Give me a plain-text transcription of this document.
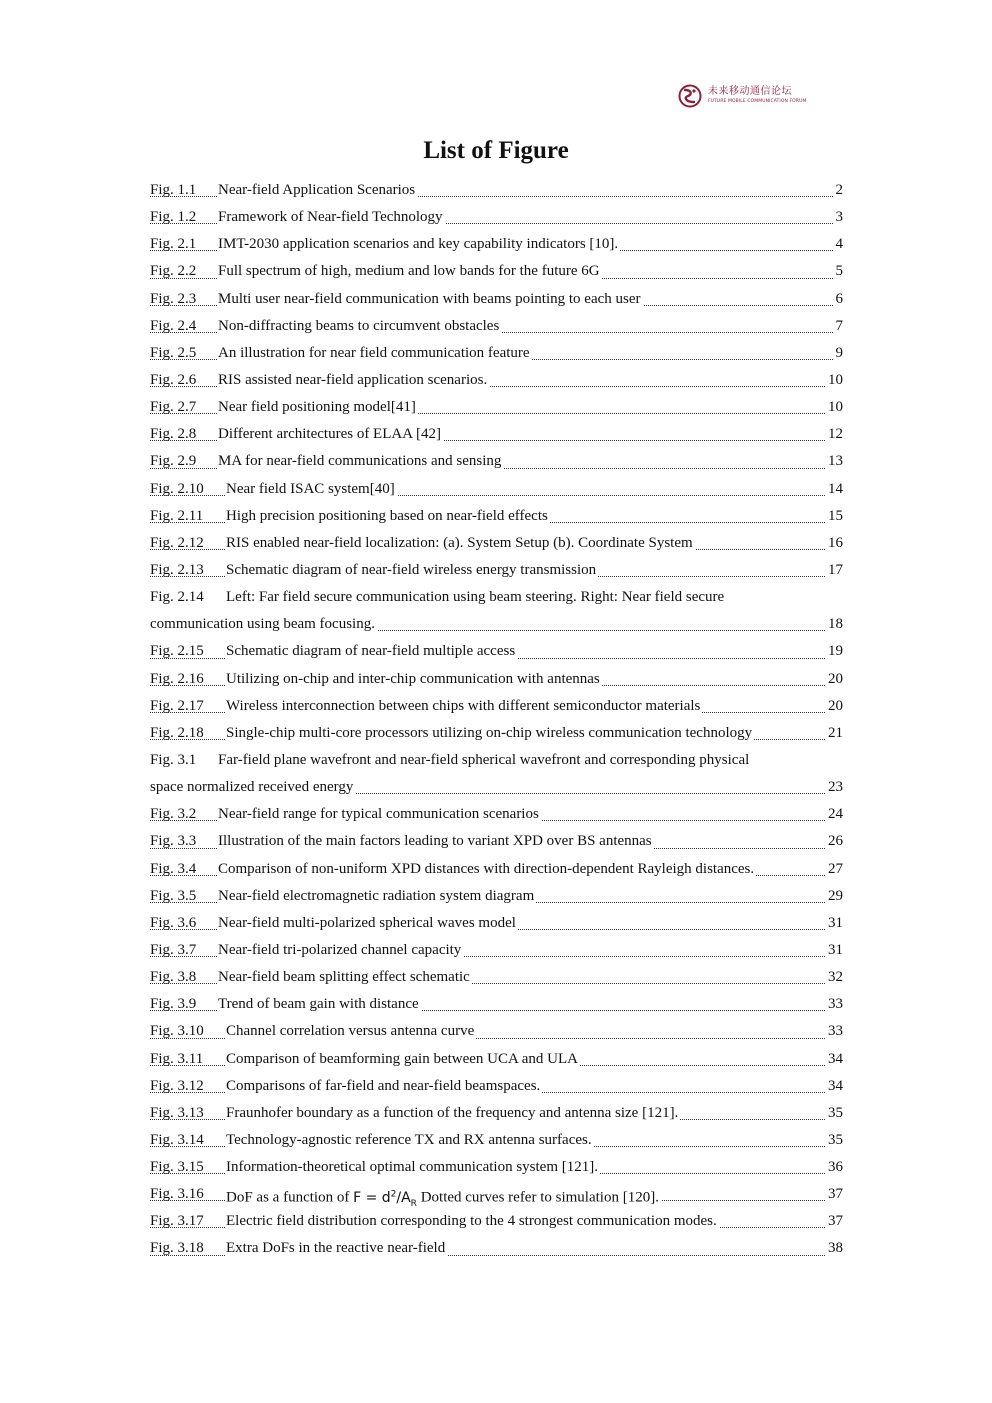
未来移动通信论坛
FUTURE MOBILE COMMUNICATION FORUM
List of Figure
Fig. 1.1 Near-field Application Scenarios	2
Fig. 1.2 Framework of Near-field Technology	3
Fig. 2.1 IMT-2030 application scenarios and key capability indicators [10].	4
Fig. 2.2 Full spectrum of high, medium and low bands for the future 6G	5
Fig. 2.3 Multi user near-field communication with beams pointing to each user	6
Fig. 2.4 Non-diffracting beams to circumvent obstacles	7
Fig. 2.5 An illustration for near field communication feature	9
Fig. 2.6 RIS assisted near-field application scenarios.	10
Fig. 2.7 Near field positioning model[41]	10
Fig. 2.8 Different architectures of ELAA [42]	12
Fig. 2.9 MA for near-field communications and sensing	13
Fig. 2.10 Near field ISAC system[40]	14
Fig. 2.11 High precision positioning based on near-field effects	15
Fig. 2.12 RIS enabled near-field localization: (a). System Setup (b). Coordinate System	16
Fig. 2.13 Schematic diagram of near-field wireless energy transmission	17
Fig. 2.14 Left: Far field secure communication using beam steering. Right: Near field secure
communication using beam focusing.	18
Fig. 2.15 Schematic diagram of near-field multiple access	19
Fig. 2.16 Utilizing on-chip and inter-chip communication with antennas	20
Fig. 2.17 Wireless interconnection between chips with different semiconductor materials	20
Fig. 2.18 Single-chip multi-core processors utilizing on-chip wireless communication technology	21
Fig. 3.1 Far-field plane wavefront and near-field spherical wavefront and corresponding physical
space normalized received energy	23
Fig. 3.2 Near-field range for typical communication scenarios	24
Fig. 3.3 Illustration of the main factors leading to variant XPD over BS antennas	26
Fig. 3.4 Comparison of non-uniform XPD distances with direction-dependent Rayleigh distances.	27
Fig. 3.5 Near-field electromagnetic radiation system diagram	29
Fig. 3.6 Near-field multi-polarized spherical waves model	31
Fig. 3.7 Near-field tri-polarized channel capacity	31
Fig. 3.8 Near-field beam splitting effect schematic	32
Fig. 3.9 Trend of beam gain with distance	33
Fig. 3.10 Channel correlation versus antenna curve	33
Fig. 3.11 Comparison of beamforming gain between UCA and ULA	34
Fig. 3.12 Comparisons of far-field and near-field beamspaces.	34
Fig. 3.13 Fraunhofer boundary as a function of the frequency and antenna size [121].	35
Fig. 3.14 Technology-agnostic reference TX and RX antenna surfaces.	35
Fig. 3.15 Information-theoretical optimal communication system [121].	36
Fig. 3.16 DoF as a function of $F = d^2/A_R$ Dotted curves refer to simulation [120].	37
Fig. 3.17 Electric field distribution corresponding to the 4 strongest communication modes.	37
Fig. 3.18 Extra DoFs in the reactive near-field	38
